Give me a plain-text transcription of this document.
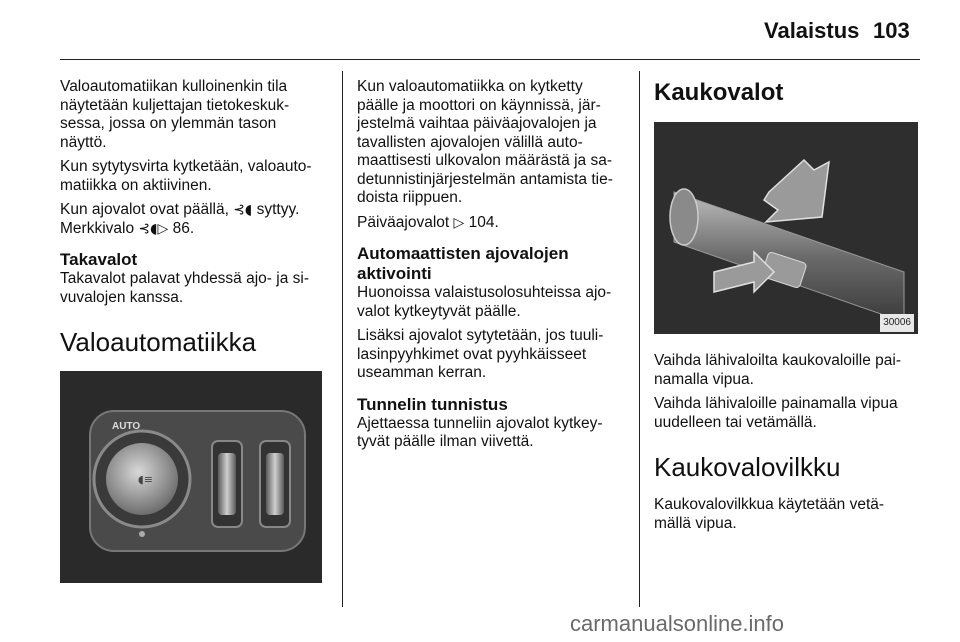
Valaistus 103

Valoautomatiikan kulloinenkin tila näytetään kuljettajan tietokeskuk-sessa, jossa on ylemmän tason näyttö.

Kun sytytysvirta kytketään, valoauto-matiikka on aktiivinen.

Kun ajovalot ovat päällä, ⊰◖ syttyy. Merkkivalo ⊰◖▷ 86.

Takavalot

Takavalot palavat yhdessä ajo- ja si-vuvalojen kanssa.

Valoautomatiikka
◖≡
AUTO

Kun valoautomatiikka on kytketty päälle ja moottori on käynnissä, jär-jestelmä vaihtaa päiväajovalojen ja tavallisten ajovalojen välillä auto-maattisesti ulkovalon määrästä ja sa-detunnistinjärjestelmän antamista tie-doista riippuen.

Päiväajovalot ▷ 104.

Automaattisten ajovalojen aktivointi

Huonoissa valaistusolosuhteissa ajo-valot kytkeytyvät päälle.

Lisäksi ajovalot sytytetään, jos tuuli-lasinpyyhkimet ovat pyyhkäisseet useamman kerran.

Tunnelin tunnistus

Ajettaessa tunneliin ajovalot kytkey-tyvät päälle ilman viivettä.

Kaukovalot
30006

Vaihda lähivaloilta kaukovaloille pai-namalla vipua.

Vaihda lähivaloille painamalla vipua uudelleen tai vetämällä.

Kaukovalovilkku

Kaukovalovilkkua käytetään vetä-mällä vipua.

carmanualsonline.info
